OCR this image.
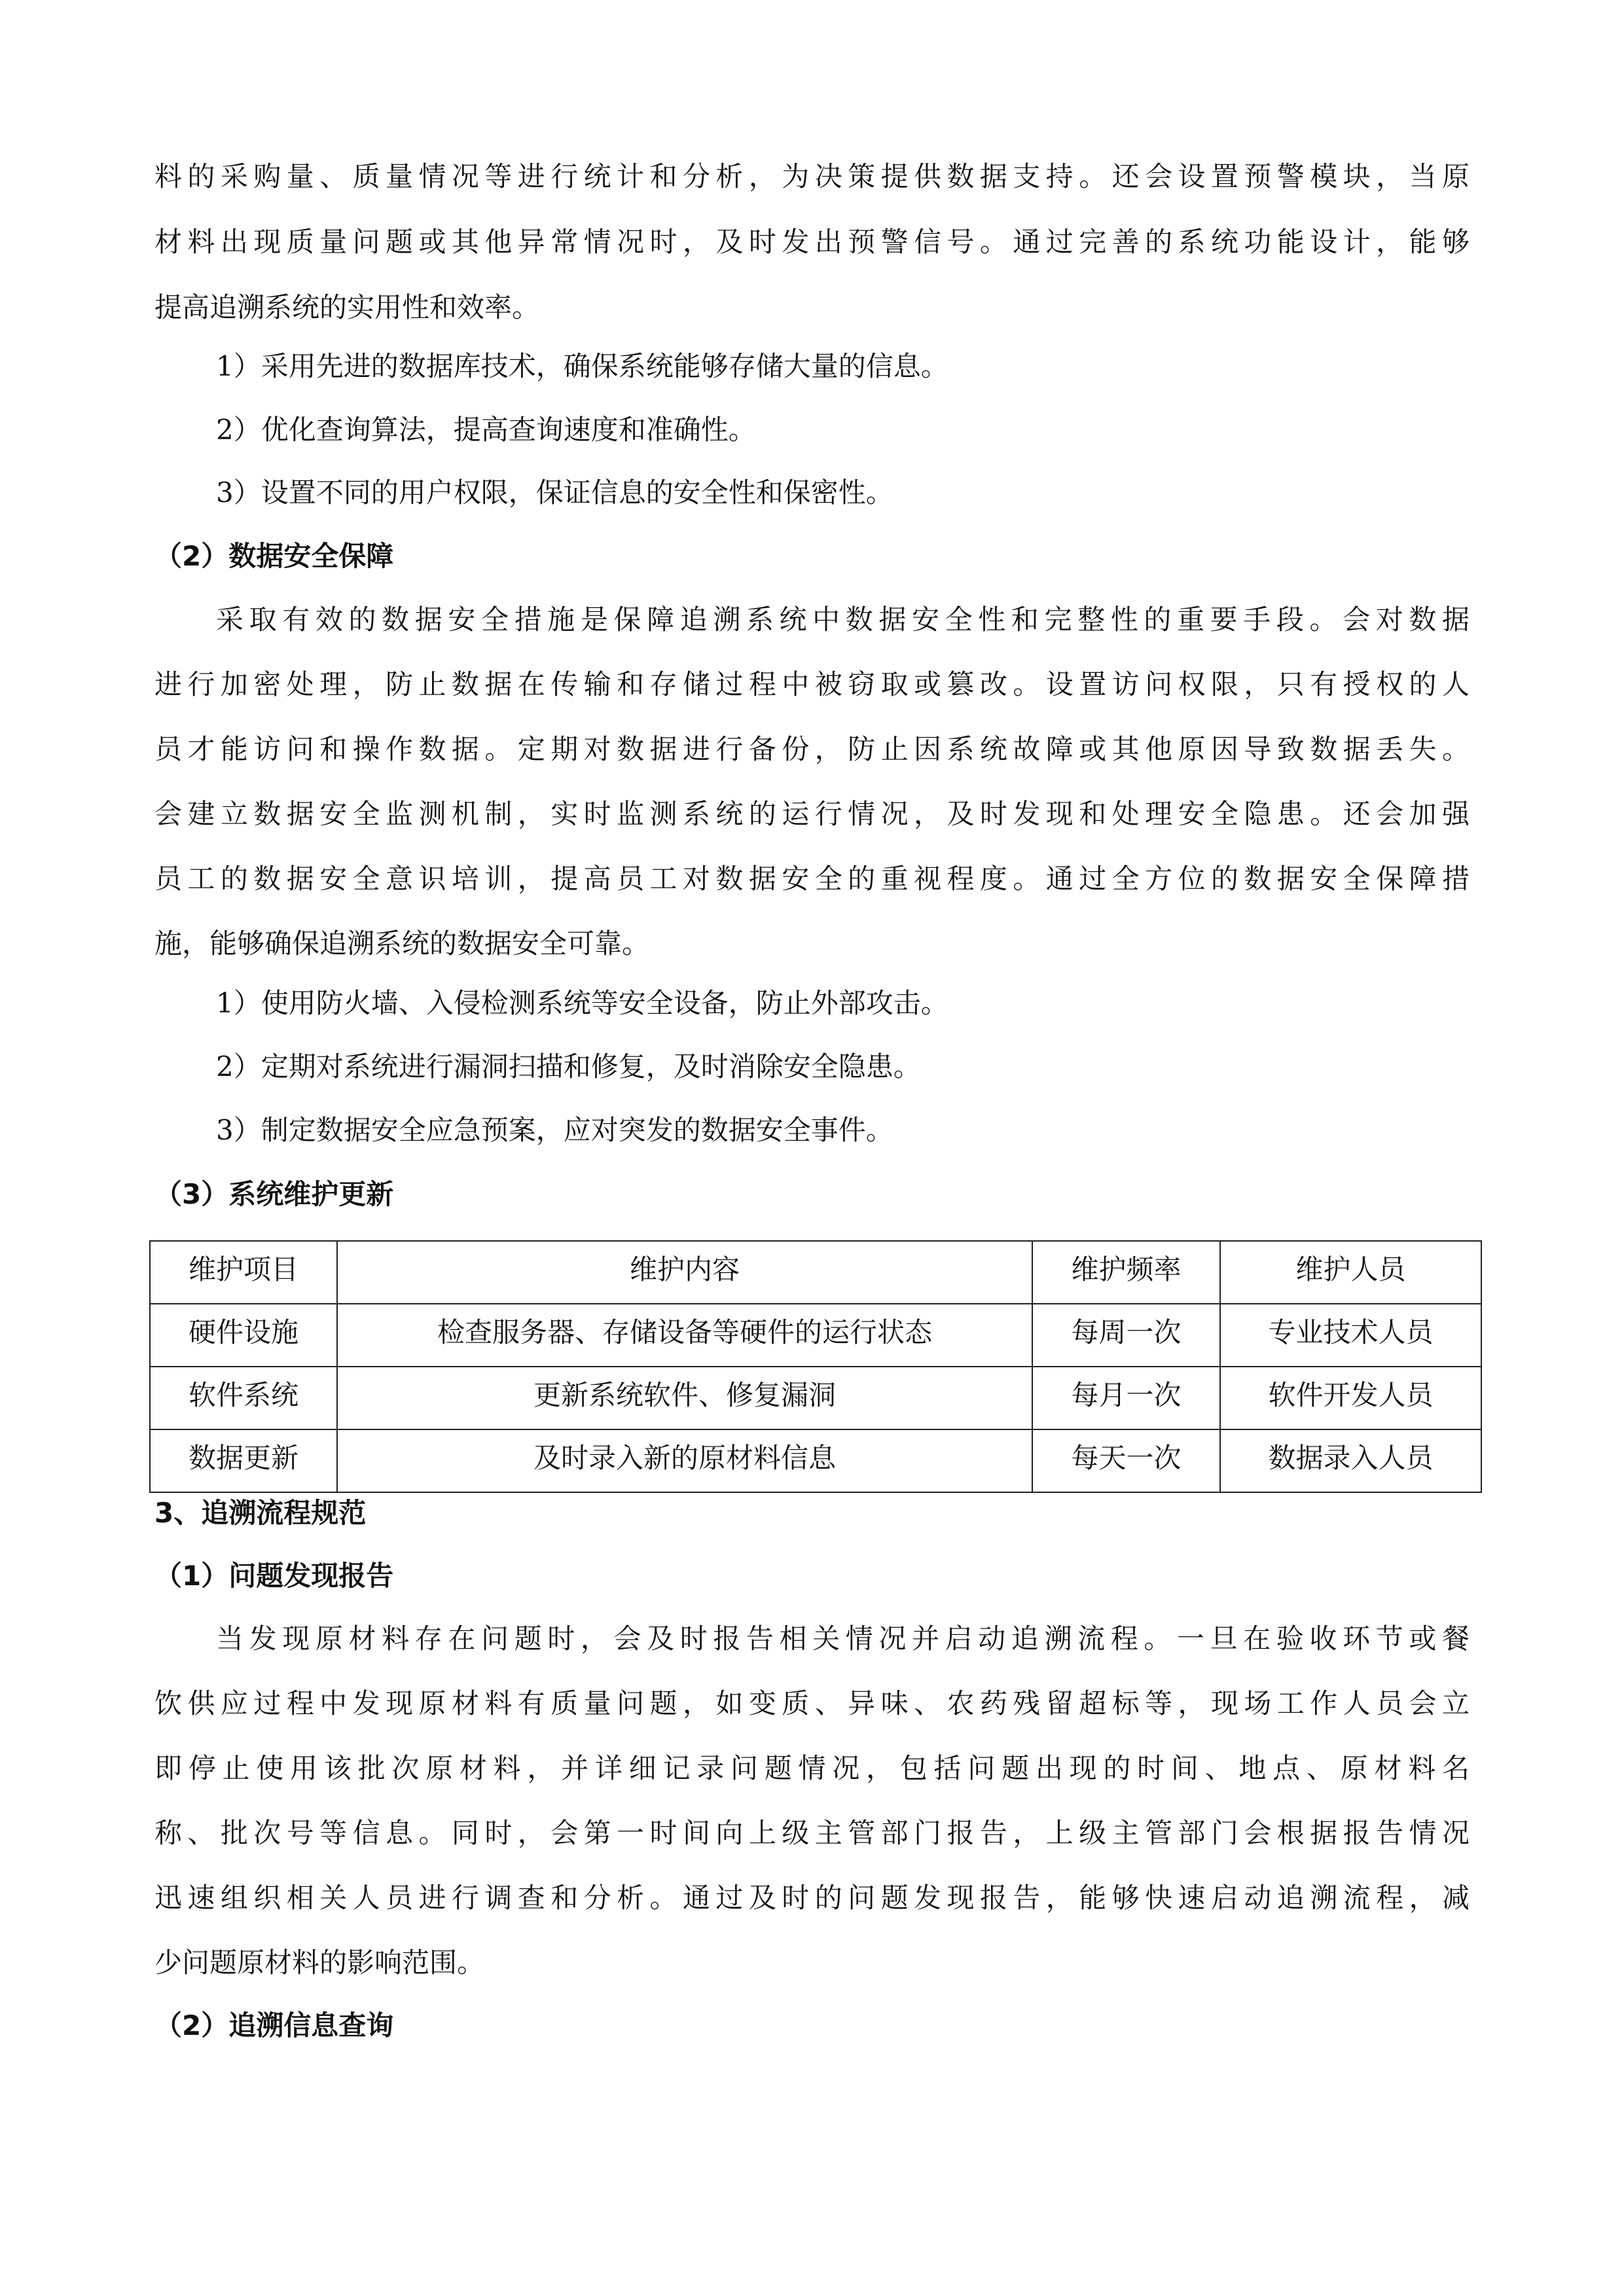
料的采购量、质量情况等进行统计和分析，为决策提供数据支持。还会设置预警模块，当原
材料出现质量问题或其他异常情况时，及时发出预警信号。通过完善的系统功能设计，能够
提高追溯系统的实用性和效率。
1）采用先进的数据库技术，确保系统能够存储大量的信息。
2）优化查询算法，提高查询速度和准确性。
3）设置不同的用户权限，保证信息的安全性和保密性。
（2）数据安全保障
采取有效的数据安全措施是保障追溯系统中数据安全性和完整性的重要手段。会对数据
进行加密处理，防止数据在传输和存储过程中被窃取或篡改。设置访问权限，只有授权的人
员才能访问和操作数据。定期对数据进行备份，防止因系统故障或其他原因导致数据丢失。
会建立数据安全监测机制，实时监测系统的运行情况，及时发现和处理安全隐患。还会加强
员工的数据安全意识培训，提高员工对数据安全的重视程度。通过全方位的数据安全保障措
施，能够确保追溯系统的数据安全可靠。
1）使用防火墙、入侵检测系统等安全设备，防止外部攻击。
2）定期对系统进行漏洞扫描和修复，及时消除安全隐患。
3）制定数据安全应急预案，应对突发的数据安全事件。
（3）系统维护更新
维护项目	维护内容	维护频率	维护人员
硬件设施	检查服务器、存储设备等硬件的运行状态	每周一次	专业技术人员
软件系统	更新系统软件、修复漏洞	每月一次	软件开发人员
数据更新	及时录入新的原材料信息	每天一次	数据录入人员
3、追溯流程规范
（1）问题发现报告
当发现原材料存在问题时，会及时报告相关情况并启动追溯流程。一旦在验收环节或餐
饮供应过程中发现原材料有质量问题，如变质、异味、农药残留超标等，现场工作人员会立
即停止使用该批次原材料，并详细记录问题情况，包括问题出现的时间、地点、原材料名
称、批次号等信息。同时，会第一时间向上级主管部门报告，上级主管部门会根据报告情况
迅速组织相关人员进行调查和分析。通过及时的问题发现报告，能够快速启动追溯流程，减
少问题原材料的影响范围。
（2）追溯信息查询
